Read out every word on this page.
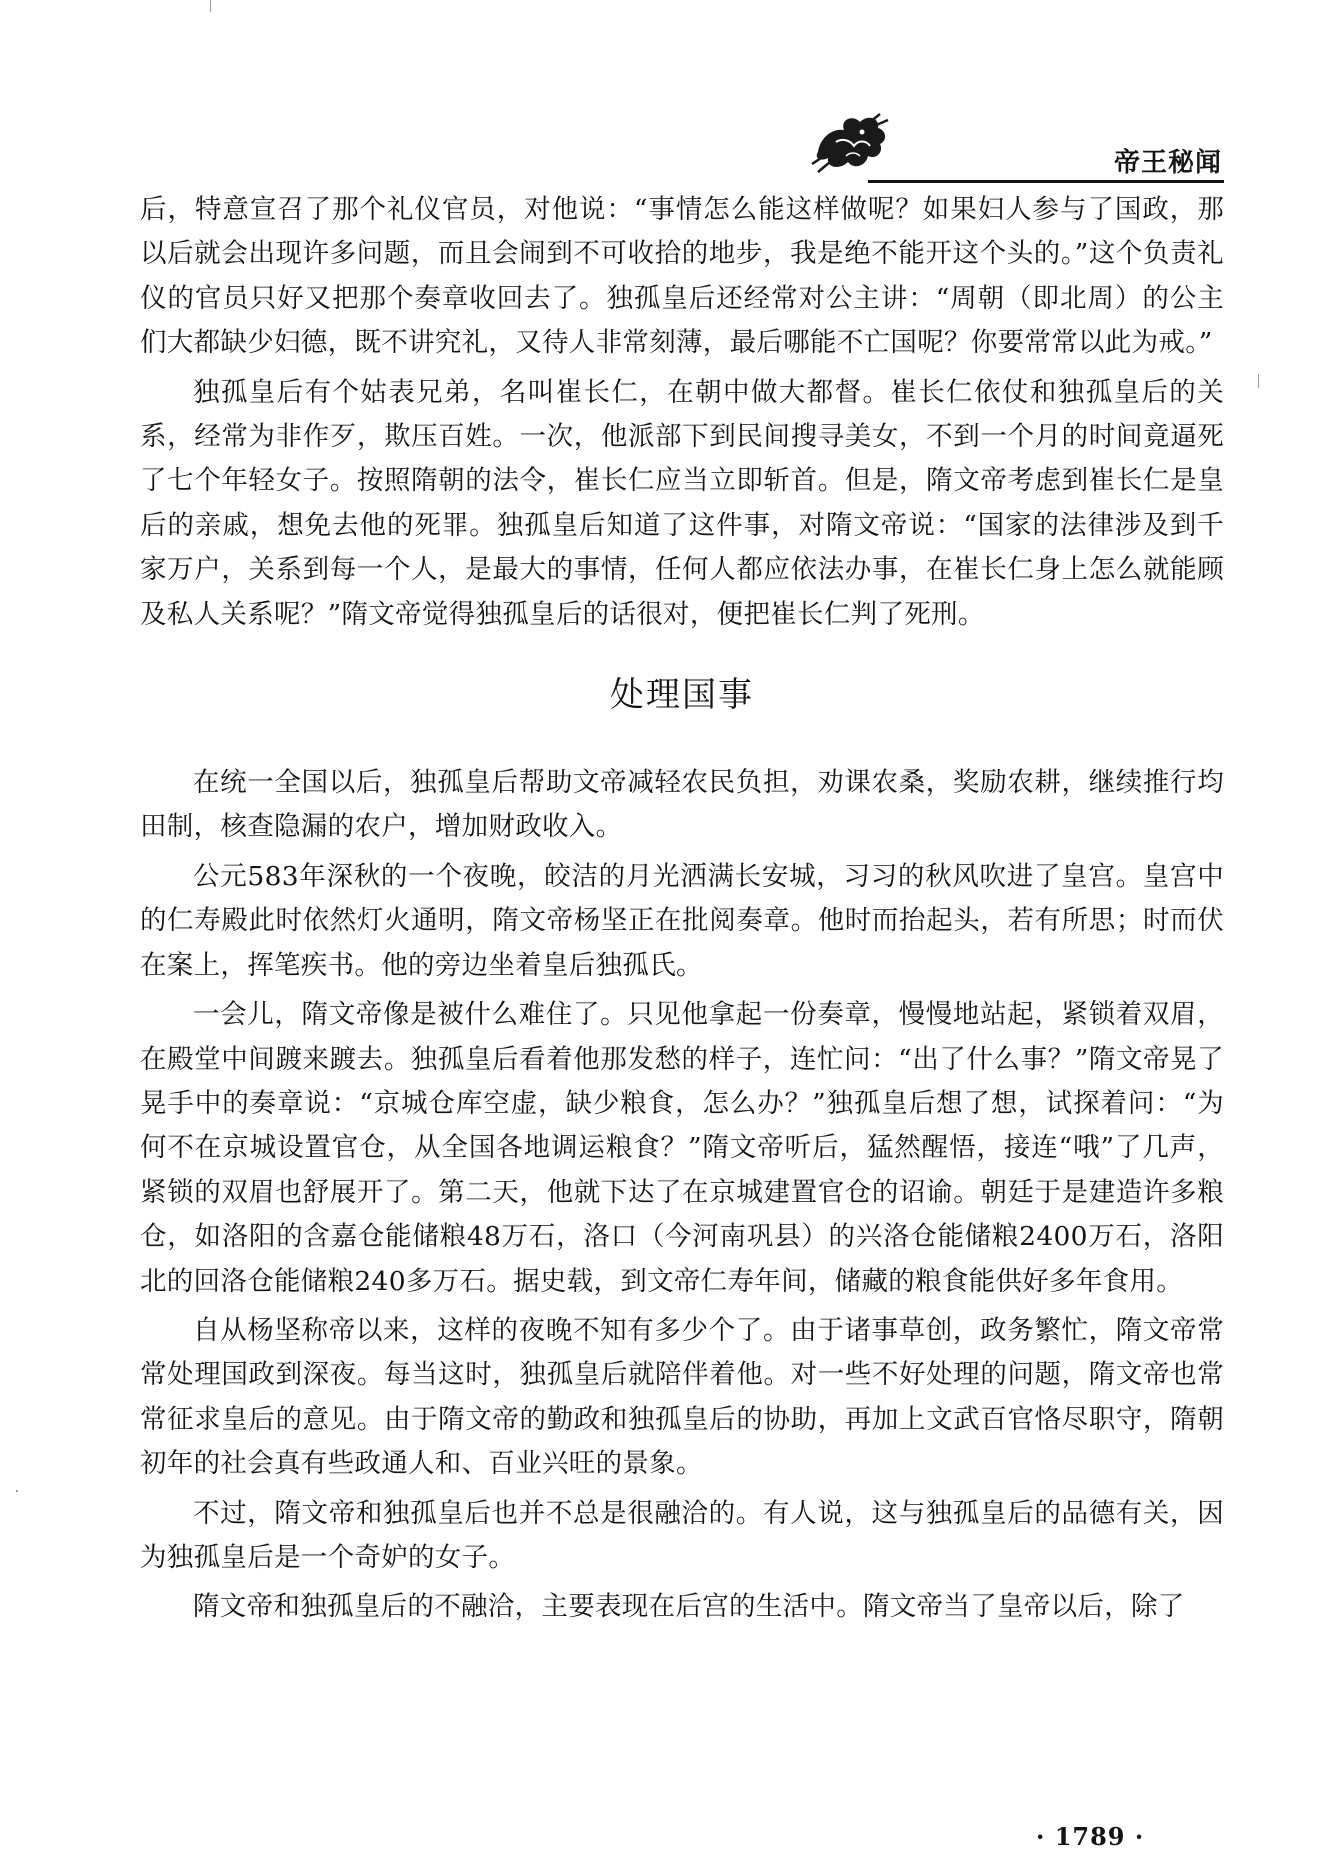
帝王秘闻

后，特意宣召了那个礼仪官员，对他说：“事情怎么能这样做呢？如果妇人参与了国政，那以后就会出现许多问题，而且会闹到不可收拾的地步，我是绝不能开这个头的。”这个负责礼仪的官员只好又把那个奏章收回去了。独孤皇后还经常对公主讲：“周朝（即北周）的公主们大都缺少妇德，既不讲究礼，又待人非常刻薄，最后哪能不亡国呢？你要常常以此为戒。”

独孤皇后有个姑表兄弟，名叫崔长仁，在朝中做大都督。崔长仁依仗和独孤皇后的关系，经常为非作歹，欺压百姓。一次，他派部下到民间搜寻美女，不到一个月的时间竟逼死了七个年轻女子。按照隋朝的法令，崔长仁应当立即斩首。但是，隋文帝考虑到崔长仁是皇后的亲戚，想免去他的死罪。独孤皇后知道了这件事，对隋文帝说：“国家的法律涉及到千家万户，关系到每一个人，是最大的事情，任何人都应依法办事，在崔长仁身上怎么就能顾及私人关系呢？”隋文帝觉得独孤皇后的话很对，便把崔长仁判了死刑。

处理国事

在统一全国以后，独孤皇后帮助文帝减轻农民负担，劝课农桑，奖励农耕，继续推行均田制，核查隐漏的农户，增加财政收入。

公元583年深秋的一个夜晚，皎洁的月光洒满长安城，习习的秋风吹进了皇宫。皇宫中的仁寿殿此时依然灯火通明，隋文帝杨坚正在批阅奏章。他时而抬起头，若有所思；时而伏在案上，挥笔疾书。他的旁边坐着皇后独孤氏。

一会儿，隋文帝像是被什么难住了。只见他拿起一份奏章，慢慢地站起，紧锁着双眉，在殿堂中间踱来踱去。独孤皇后看着他那发愁的样子，连忙问：“出了什么事？”隋文帝晃了晃手中的奏章说：“京城仓库空虚，缺少粮食，怎么办？”独孤皇后想了想，试探着问：“为何不在京城设置官仓，从全国各地调运粮食？”隋文帝听后，猛然醒悟，接连“哦”了几声，紧锁的双眉也舒展开了。第二天，他就下达了在京城建置官仓的诏谕。朝廷于是建造许多粮仓，如洛阳的含嘉仓能储粮48万石，洛口（今河南巩县）的兴洛仓能储粮2400万石，洛阳北的回洛仓能储粮240多万石。据史载，到文帝仁寿年间，储藏的粮食能供好多年食用。

自从杨坚称帝以来，这样的夜晚不知有多少个了。由于诸事草创，政务繁忙，隋文帝常常处理国政到深夜。每当这时，独孤皇后就陪伴着他。对一些不好处理的问题，隋文帝也常常征求皇后的意见。由于隋文帝的勤政和独孤皇后的协助，再加上文武百官恪尽职守，隋朝初年的社会真有些政通人和、百业兴旺的景象。

不过，隋文帝和独孤皇后也并不总是很融洽的。有人说，这与独孤皇后的品德有关，因为独孤皇后是一个奇妒的女子。

隋文帝和独孤皇后的不融洽，主要表现在后宫的生活中。隋文帝当了皇帝以后，除了

· 1789 ·
